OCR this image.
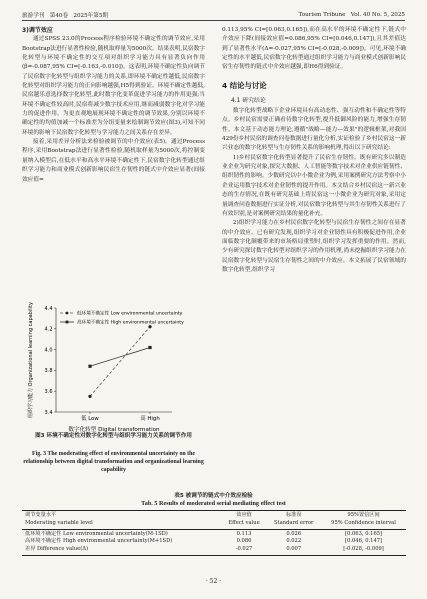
旅游学刊 第40卷 2025年第5期	Tourism Tribune Vol. 40 No. 5, 2025
3)调节效应

通过SPSS 23.0的Process程序检验环境不确定性的调节效应,采用Bootstrap法进行显著性检验,随机取样量为5000次。结果表明,民宿数字化转型与环境不确定性的交互项对组织学习能力具有显著负向作用(β=-0.087,95% CI=[-0.163,-0.010])。这表明,环境不确定性负向调节了民宿数字化转型与组织学习能力的关系,即环境不确定性越低,民宿数字化转型对组织学习能力的正向影响越强,H5得到验证。环境不确定性越低,民宿越乐意选择数字化转型,此时数字化变革促进学习能力的作用更强;当环境不确定性较高时,民宿将减少数字技术应用,继而减弱数字化对学习能力的促进作用。为更直观地展现环境不确定性的调节效果,分别以环境不确定性的均值加减一个标准差为分组变量来绘制调节效应(图3),可知不同环境的影响下民宿数字化转型与学习能力之间关系存在差异。

接着,采用差异分析法来检验被调节的中介效应(表5)。通过Process程序,采用Bootstrap法进行显著性检验,随机取样量为5000次,将控制变量纳入模型后,在低水平和高水平环境不确定性下,民宿数字化转型通过组织学习能力和商业模式创新影响民宿生存韧性的链式中介效应显著(间接效应值=

3.4
3.6
3.8
4.0
4.2
4.4
低 Low	高 High
低环境不确定性 Low environmental uncertainty
高环境不确定性 High environmental uncertainty
数字化转型 Digital transformation
组织学习能力 Organizational learning capability
图3 环境不确定性对数字化转型与组织学习能力关系的调节作用
Fig. 3 The moderating effect of environmental uncertainty on the relationship between digital transformation and organizational learning capability

0.113,95% CI=[0.063,0.165]),而在高水平的环境不确定性下,链式中介效应下降(间接效应值=0.086,95% CI=[0.046,0.147]),且其差值达到了显著性水平(Δ=-0.027,95% CI=[-0.028,-0.009])。可见,环境不确定性的水平越低,民宿数字化转型通过组织学习能力与商业模式创新影响民宿生存韧性的链式中介效应越强,即H6得到验证。

4 结论与讨论
4.1 研究结论

数字化转型战略下企业环境具有高动态性、强互动性和不确定性等特点。乡村民宿需要正确看待数字化转型,提升抵御风险的能力,增强生存韧性。本文基于动态能力理论,遵循"战略—能力—效果"的逻辑框架,对我国429份乡村民宿的调查问卷数据进行量化分析,实证检验了乡村民宿这一新兴业态的数字化转型与生存韧性关系的影响机理,得出以下研究结论:

1)乡村民宿数字化转型显著提升了民宿生存韧性。既有研究多以制造业企业为研究对象,探究大数据、人工智能等数字技术对企业供应链韧性、组织韧性的影响。少数研究以中小微企业为例,采用案例研究方法考察中小企业运用数字技术对企业韧性的提升作用。本文结合乡村民宿这一新兴业态的生存情况,在既有研究基础上将民宿这一小微企业为研究对象,采用定量调查问卷数据进行实证分析,对民宿数字化转型与其生存韧性关系进行了有效识别,是对案例研究结果的量化补充。

2)组织学习能力在乡村民宿数字化转型与民宿生存韧性之间存在显著的中介效应。已有研究发现,组织学习对企业韧性具有积极促进作用,企业面临数字化颠覆带来的市场格局重塑时,组织学习发挥重要的作用。然而,少有研究探讨数字化转型对组织学习的作用机理,尚未挖掘组织学习能力在民宿数字化转型与民宿生存韧性之间的中介效应。本文拓展了民宿领域的数字化转型,组织学习

表5 被调节的链式中介效应检验
Tab. 5 Results of moderated serial mediating effect test
调节变量水平	效应值	标准误	95%置信区间
Moderating variable level	Effect value	Standard error	95% Confidence interval
低环境不确定性 Low environmental uncertainty(M-1SD)	0.113	0.026	[0.063, 0.165]
高环境不确定性 High environmental uncertainty(M+1SD)	0.086	0.022	[0.046, 0.147]
差异 Difference value(Δ)	-0.027	0.007	[-0.028, -0.009]
· 52 ·
